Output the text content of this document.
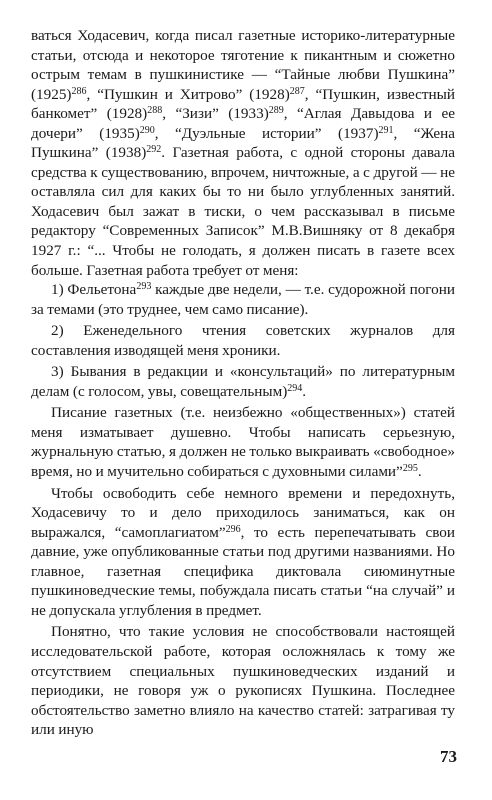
ваться Ходасевич, когда писал газетные историко-литературные статьи, отсюда и некоторое тяготение к пикантным и сюжетно острым темам в пушкинистике — “Тайные любви Пушкина” $(1925)^{286}$, “Пушкин и Хитрово” $(1928)^{287}$, “Пушкин, известный банкомет” $(1928)^{288}$, “Зизи” $(1933)^{289}$, “Аглая Давыдова и ее дочери” $(1935)^{290}$, “Дуэльные истории” $(1937)^{291}$, “Жена Пушкина” $(1938)^{292}$. Газетная работа, с одной стороны давала средства к существованию, впрочем, ничтожные, а с другой — не оставляла сил для каких бы то ни было углубленных занятий. Ходасевич был зажат в тиски, о чем рассказывал в письме редактору “Современных Записок” М.В.Вишняку от 8 декабря 1927 г.: “... Чтобы не голодать, я должен писать в газете всех больше. Газетная работа требует от меня:

1) Фельетона$^{293}$ каждые две недели, — т.е. судорожной погони за темами (это труднее, чем само писание).

2) Еженедельного чтения советских журналов для составления изводящей меня хроники.

3) Бывания в редакции и «консультаций» по литературным делам (с голосом, увы, совещательным)$^{294}$.

Писание газетных (т.е. неизбежно «общественных») статей меня изматывает душевно. Чтобы написать серьезную, журнальную статью, я должен не только выкраивать «свободное» время, но и мучительно собираться с духовными силами”$^{295}$.

Чтобы освободить себе немного времени и передохнуть, Ходасевичу то и дело приходилось заниматься, как он выражался, “самоплагиатом”$^{296}$, то есть перепечатывать свои давние, уже опубликованные статьи под другими названиями. Но главное, газетная специфика диктовала сиюминутные пушкиноведческие темы, побуждала писать статьи “на случай” и не допускала углубления в предмет.

Понятно, что такие условия не способствовали настоящей исследовательской работе, которая осложнялась к тому же отсутствием специальных пушкиноведческих изданий и периодики, не говоря уж о рукописях Пушкина. Последнее обстоятельство заметно влияло на качество статей: затрагивая ту или иную

73
